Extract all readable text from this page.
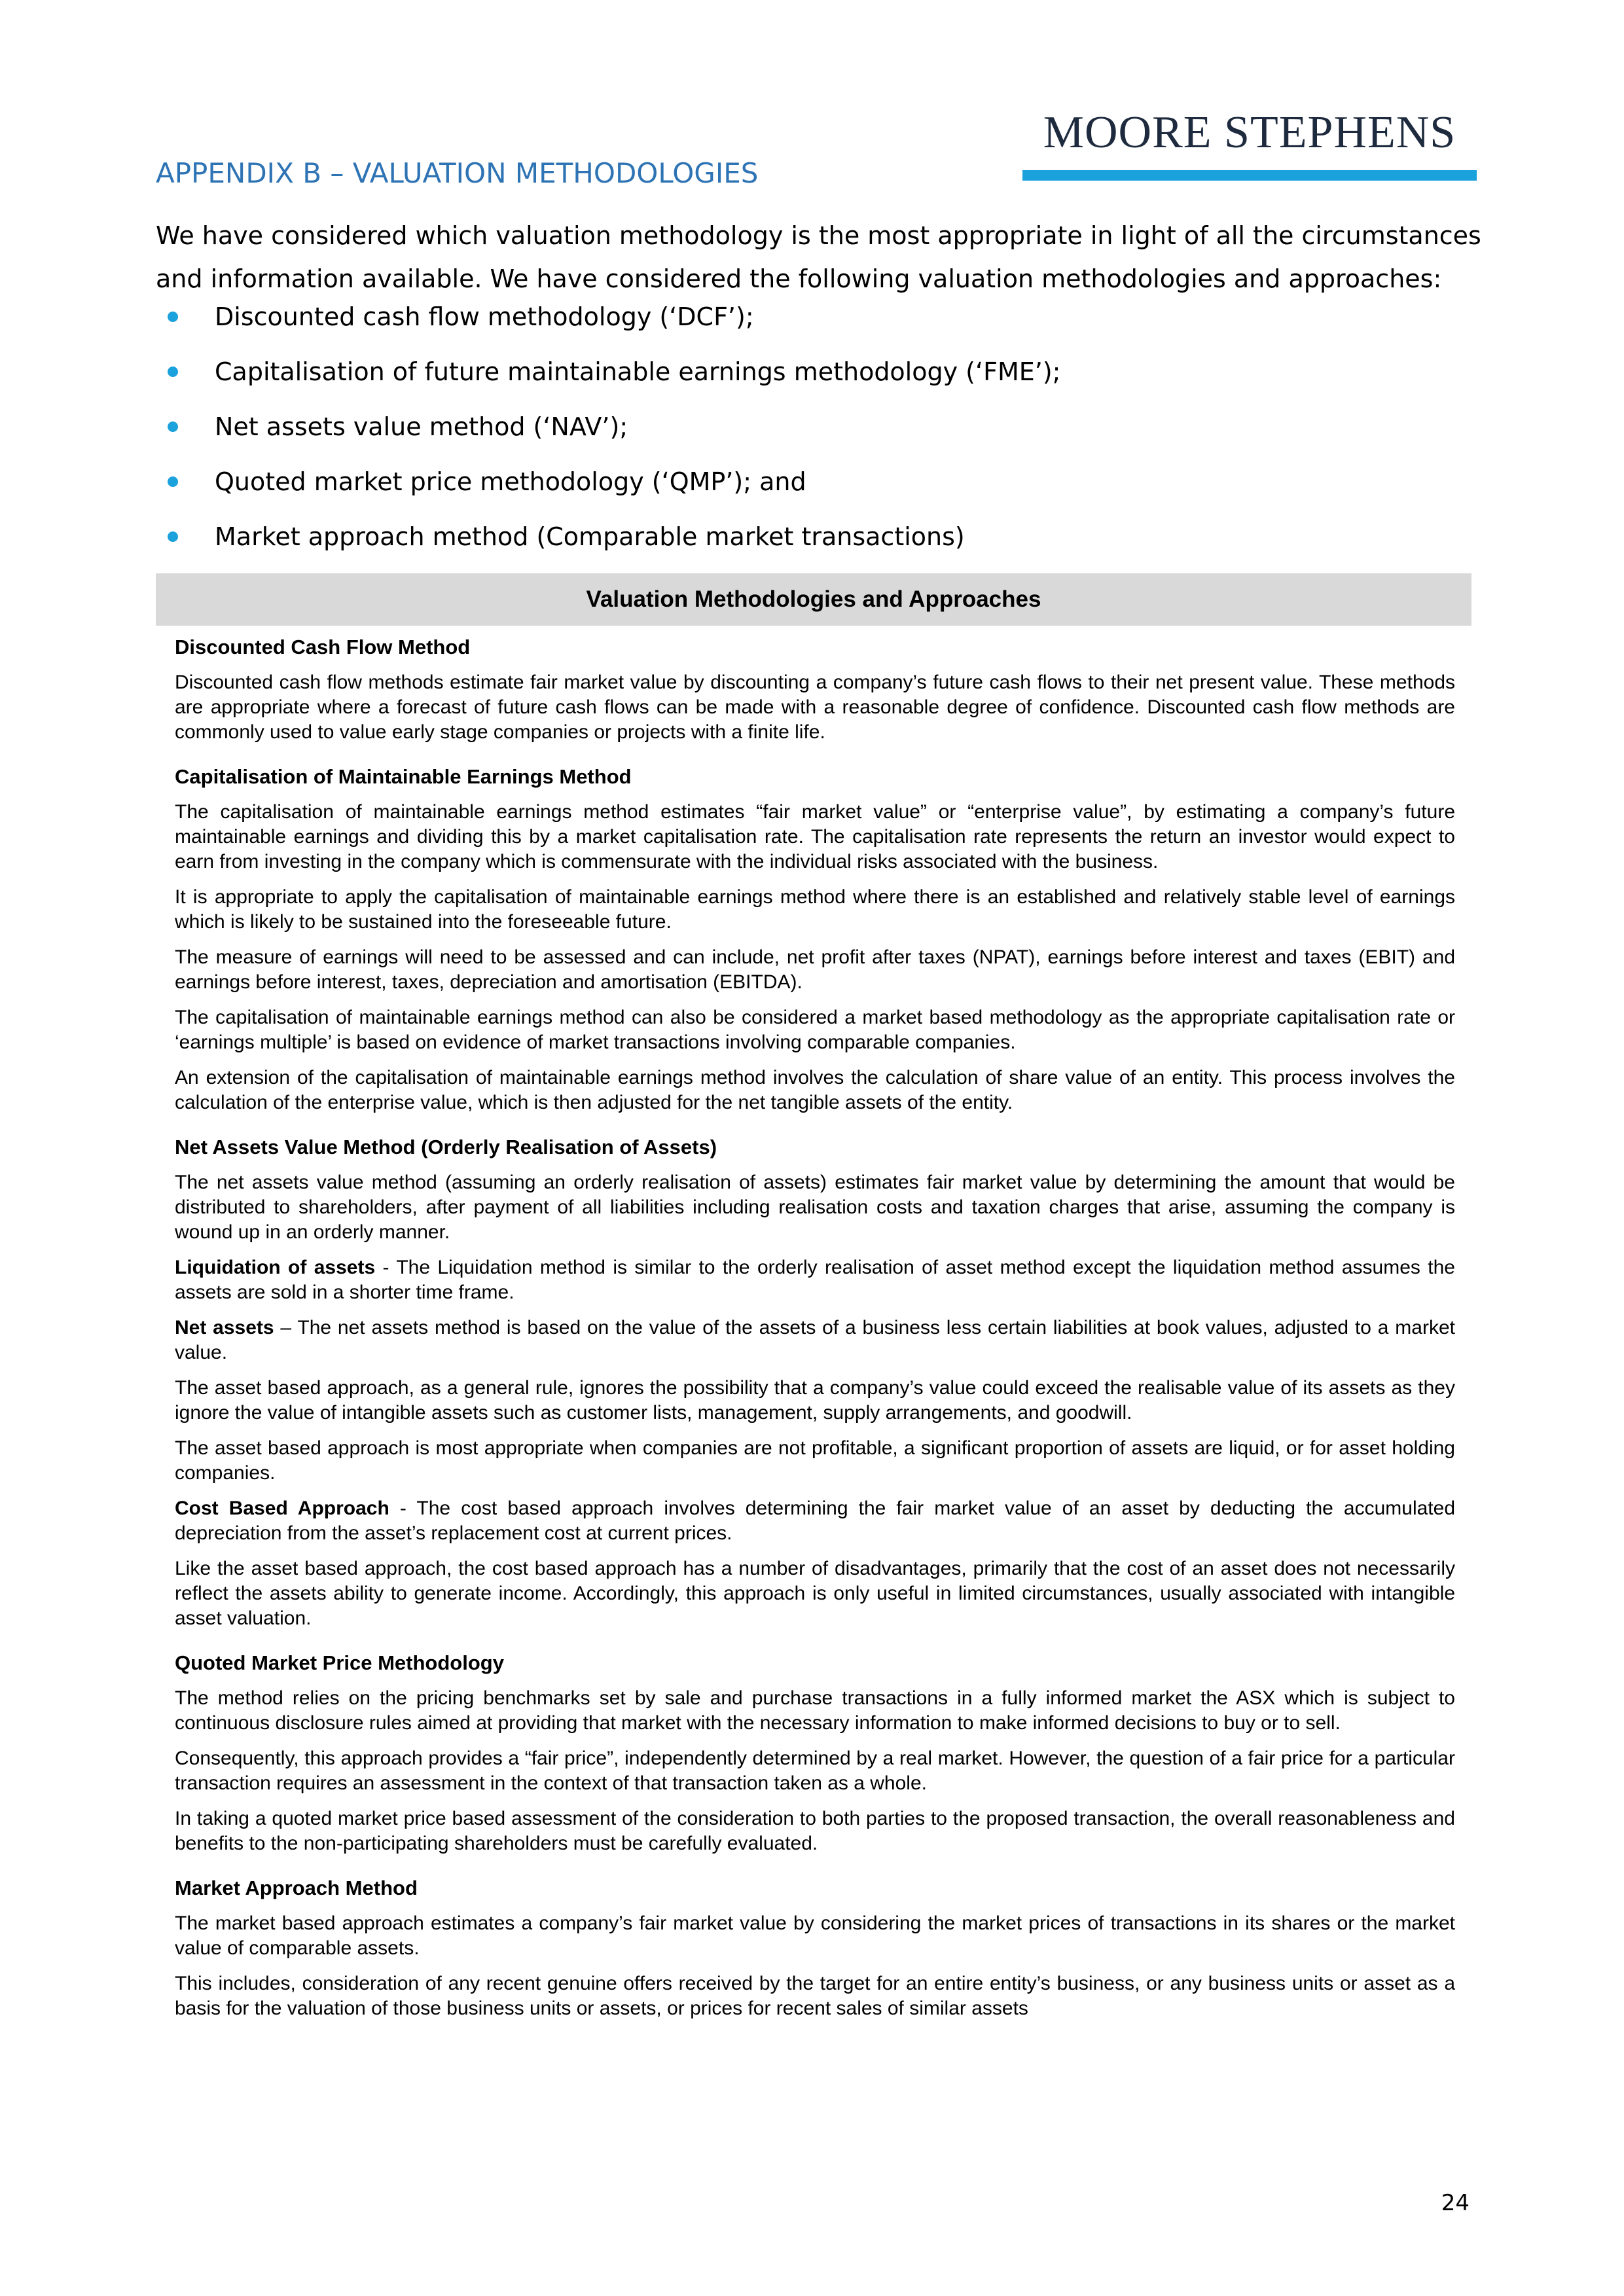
MOORE STEPHENS
APPENDIX B – VALUATION METHODOLOGIES
We have considered which valuation methodology is the most appropriate in light of all the circumstances and information available. We have considered the following valuation methodologies and approaches:
Discounted cash flow methodology (‘DCF’);
Capitalisation of future maintainable earnings methodology (‘FME’);
Net assets value method (‘NAV’);
Quoted market price methodology (‘QMP’); and
Market approach method (Comparable market transactions)
Valuation Methodologies and Approaches
Discounted Cash Flow Method

Discounted cash flow methods estimate fair market value by discounting a company’s future cash flows to their net present value. These methods are appropriate where a forecast of future cash flows can be made with a reasonable degree of confidence. Discounted cash flow methods are commonly used to value early stage companies or projects with a finite life.

Capitalisation of Maintainable Earnings Method

The capitalisation of maintainable earnings method estimates “fair market value” or “enterprise value”, by estimating a company’s future maintainable earnings and dividing this by a market capitalisation rate. The capitalisation rate represents the return an investor would expect to earn from investing in the company which is commensurate with the individual risks associated with the business.

It is appropriate to apply the capitalisation of maintainable earnings method where there is an established and relatively stable level of earnings which is likely to be sustained into the foreseeable future.

The measure of earnings will need to be assessed and can include, net profit after taxes (NPAT), earnings before interest and taxes (EBIT) and earnings before interest, taxes, depreciation and amortisation (EBITDA).

The capitalisation of maintainable earnings method can also be considered a market based methodology as the appropriate capitalisation rate or ‘earnings multiple’ is based on evidence of market transactions involving comparable companies.

An extension of the capitalisation of maintainable earnings method involves the calculation of share value of an entity. This process involves the calculation of the enterprise value, which is then adjusted for the net tangible assets of the entity.

Net Assets Value Method (Orderly Realisation of Assets)

The net assets value method (assuming an orderly realisation of assets) estimates fair market value by determining the amount that would be distributed to shareholders, after payment of all liabilities including realisation costs and taxation charges that arise, assuming the company is wound up in an orderly manner.

Liquidation of assets - The Liquidation method is similar to the orderly realisation of asset method except the liquidation method assumes the assets are sold in a shorter time frame.

Net assets – The net assets method is based on the value of the assets of a business less certain liabilities at book values, adjusted to a market value.

The asset based approach, as a general rule, ignores the possibility that a company’s value could exceed the realisable value of its assets as they ignore the value of intangible assets such as customer lists, management, supply arrangements, and goodwill.

The asset based approach is most appropriate when companies are not profitable, a significant proportion of assets are liquid, or for asset holding companies.

Cost Based Approach - The cost based approach involves determining the fair market value of an asset by deducting the accumulated depreciation from the asset’s replacement cost at current prices.

Like the asset based approach, the cost based approach has a number of disadvantages, primarily that the cost of an asset does not necessarily reflect the assets ability to generate income. Accordingly, this approach is only useful in limited circumstances, usually associated with intangible asset valuation.

Quoted Market Price Methodology

The method relies on the pricing benchmarks set by sale and purchase transactions in a fully informed market the ASX which is subject to continuous disclosure rules aimed at providing that market with the necessary information to make informed decisions to buy or to sell.

Consequently, this approach provides a “fair price”, independently determined by a real market. However, the question of a fair price for a particular transaction requires an assessment in the context of that transaction taken as a whole.

In taking a quoted market price based assessment of the consideration to both parties to the proposed transaction, the overall reasonableness and benefits to the non-participating shareholders must be carefully evaluated.

Market Approach Method

The market based approach estimates a company’s fair market value by considering the market prices of transactions in its shares or the market value of comparable assets.

This includes, consideration of any recent genuine offers received by the target for an entire entity’s business, or any business units or asset as a basis for the valuation of those business units or assets, or prices for recent sales of similar assets

24
